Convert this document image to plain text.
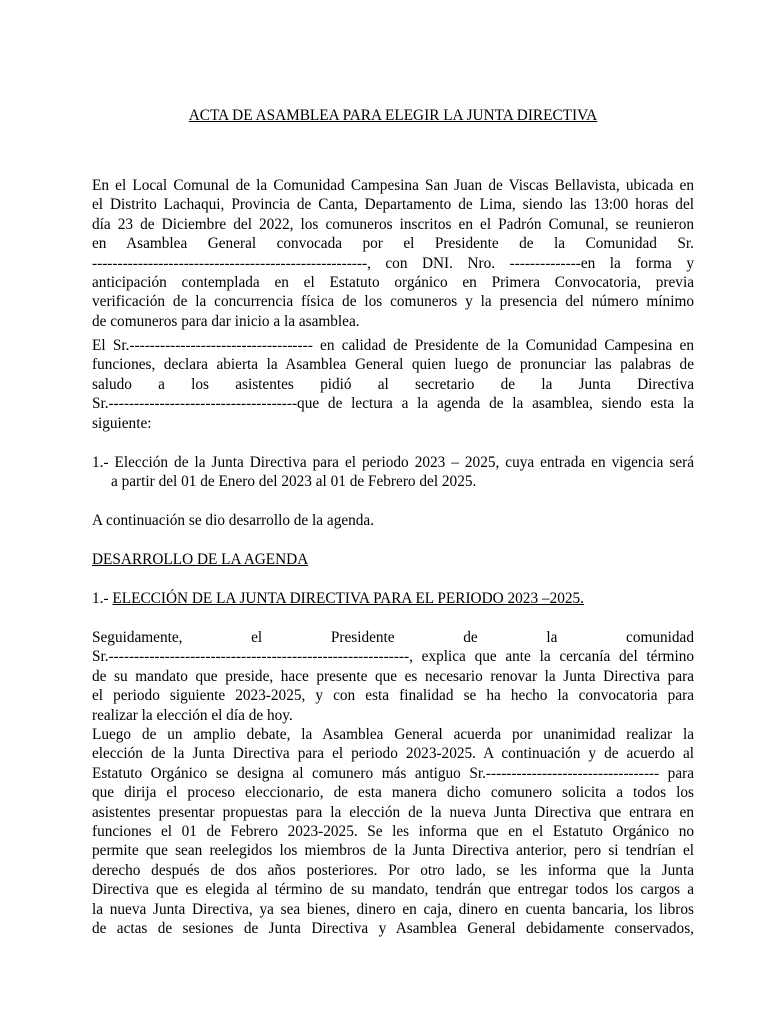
ACTA DE ASAMBLEA PARA ELEGIR LA JUNTA DIRECTIVA
En el Local Comunal de la Comunidad Campesina San Juan de Viscas Bellavista, ubicada en
el Distrito Lachaqui, Provincia de Canta, Departamento de Lima, siendo las 13:00 horas del
día 23 de Diciembre del 2022, los comuneros inscritos en el Padrón Comunal, se reunieron
en Asamblea General convocada por el Presidente de la Comunidad Sr.
------------------------------------------------------, con DNI. Nro. --------------en la forma y
anticipación contemplada en el Estatuto orgánico en Primera Convocatoria, previa
verificación de la concurrencia física de los comuneros y la presencia del número mínimo
de comuneros para dar inicio a la asamblea.
El Sr.------------------------------------ en calidad de Presidente de la Comunidad Campesina en
funciones, declara abierta la Asamblea General quien luego de pronunciar las palabras de
saludo a los asistentes pidió al secretario de la Junta Directiva
Sr.-------------------------------------que de lectura a la agenda de la asamblea, siendo esta la
siguiente:
1.- Elección de la Junta Directiva para el periodo 2023 – 2025, cuya entrada en vigencia será
a partir del 01 de Enero del 2023 al 01 de Febrero del 2025.
A continuación se dio desarrollo de la agenda.
DESARROLLO DE LA AGENDA
1.- ELECCIÓN DE LA JUNTA DIRECTIVA PARA EL PERIODO 2023 –2025.
Seguidamente, el Presidente de la comunidad
Sr.-----------------------------------------------------------, explica que ante la cercanía del término
de su mandato que preside, hace presente que es necesario renovar la Junta Directiva para
el periodo siguiente 2023-2025, y con esta finalidad se ha hecho la convocatoria para
realizar la elección el día de hoy.
Luego de un amplio debate, la Asamblea General acuerda por unanimidad realizar la
elección de la Junta Directiva para el periodo 2023-2025. A continuación y de acuerdo al
Estatuto Orgánico se designa al comunero más antiguo Sr.---------------------------------- para
que dirija el proceso eleccionario, de esta manera dicho comunero solicita a todos los
asistentes presentar propuestas para la elección de la nueva Junta Directiva que entrara en
funciones el 01 de Febrero 2023-2025. Se les informa que en el Estatuto Orgánico no
permite que sean reelegidos los miembros de la Junta Directiva anterior, pero si tendrían el
derecho después de dos años posteriores. Por otro lado, se les informa que la Junta
Directiva que es elegida al término de su mandato, tendrán que entregar todos los cargos a
la nueva Junta Directiva, ya sea bienes, dinero en caja, dinero en cuenta bancaria, los libros
de actas de sesiones de Junta Directiva y Asamblea General debidamente conservados,
